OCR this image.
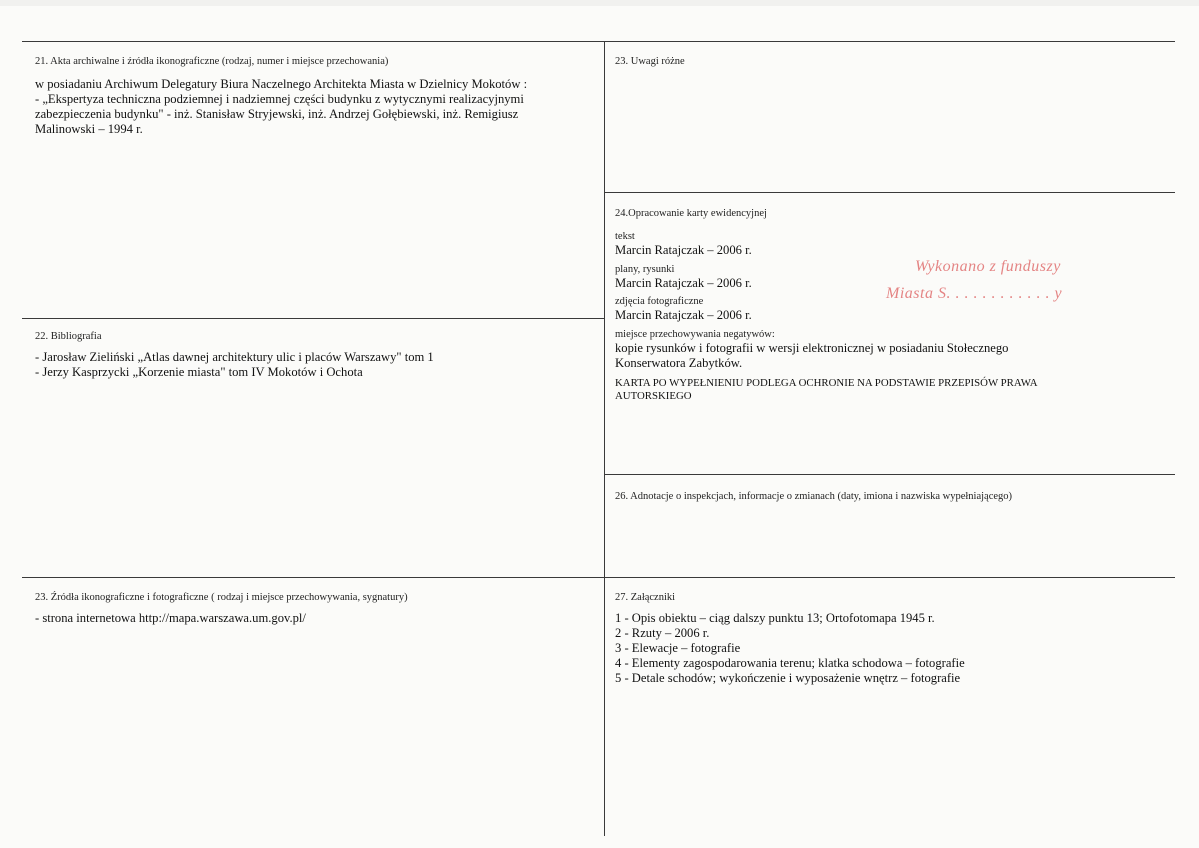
21. Akta archiwalne i źródła ikonograficzne (rodzaj, numer i miejsce przechowania)

w posiadaniu Archiwum Delegatury Biura Naczelnego Architekta Miasta w Dzielnicy Mokotów :

- „Ekspertyza techniczna podziemnej i nadziemnej części budynku z wytycznymi realizacyjnymi

zabezpieczenia budynku" - inż. Stanisław Stryjewski, inż. Andrzej Gołębiewski, inż. Remigiusz

Malinowski – 1994 r.

22. Bibliografia

- Jarosław Zieliński „Atlas dawnej architektury ulic i placów Warszawy" tom 1

- Jerzy Kasprzycki „Korzenie miasta" tom IV Mokotów i Ochota

23. Źródła ikonograficzne i fotograficzne ( rodzaj i miejsce przechowywania, sygnatury)

- strona internetowa http://mapa.warszawa.um.gov.pl/

23. Uwagi różne

24.Opracowanie karty ewidencyjnej

tekst

Marcin Ratajczak – 2006 r.

plany, rysunki

Marcin Ratajczak – 2006 r.

zdjęcia fotograficzne

Marcin Ratajczak – 2006 r.

miejsce przechowywania negatywów:

kopie rysunków i fotografii w wersji elektronicznej w posiadaniu Stołecznego

Konserwatora Zabytków.

KARTA PO WYPEŁNIENIU PODLEGA OCHRONIE NA PODSTAWIE PRZEPISÓW PRAWA

AUTORSKIEGO

Wykonano z funduszy
Miasta S. . . . . . . . . . . . y

26. Adnotacje o inspekcjach, informacje o zmianach (daty, imiona i nazwiska wypełniającego)

27. Załączniki

1 - Opis obiektu – ciąg dalszy punktu 13; Ortofotomapa 1945 r.
2 - Rzuty – 2006 r.
3 - Elewacje – fotografie
4 - Elementy zagospodarowania terenu; klatka schodowa – fotografie
5 - Detale schodów; wykończenie i wyposażenie wnętrz – fotografie
